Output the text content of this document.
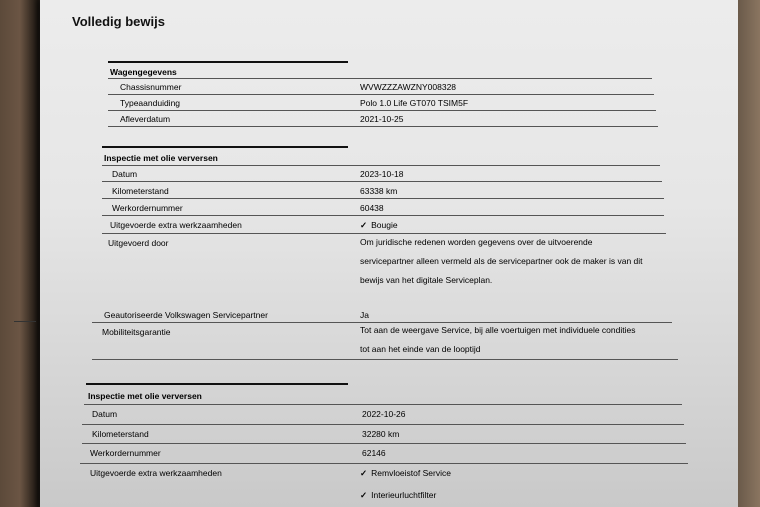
Volledig bewijs
Wagengegevens
Chassisnummer	WVWZZZAWZNY008328
Typeaanduiding	Polo 1.0 Life GT070 TSIM5F
Afleverdatum	2021-10-25
Inspectie met olie verversen
Datum	2023-10-18
Kilometerstand	63338 km
Werkordernummer	60438
Uitgevoerde extra werkzaamheden	✓ Bougie
Uitgevoerd door	Om juridische redenen worden gegevens over de uitvoerende
servicepartner alleen vermeld als de servicepartner ook de maker is van dit
bewijs van het digitale Serviceplan.
Geautoriseerde Volkswagen Servicepartner	Ja
Mobiliteitsgarantie	Tot aan de weergave Service, bij alle voertuigen met individuele condities
tot aan het einde van de looptijd
Inspectie met olie verversen
Datum	2022-10-26
Kilometerstand	32280 km
Werkordernummer	62146
Uitgevoerde extra werkzaamheden	✓ Remvloeistof Service
✓ Interieurluchtfilter
